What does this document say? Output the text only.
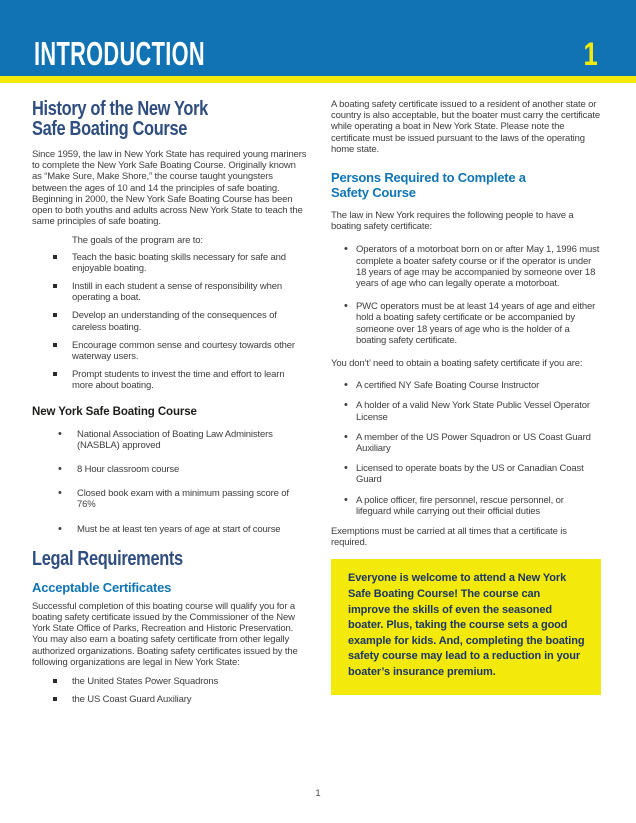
INTRODUCTION	1
History of the New York
Safe Boating Course

Since 1959, the law in New York State has required young mariners to complete the New York Safe Boating Course. Originally known as “Make Sure, Make Shore,” the course taught youngsters between the ages of 10 and 14 the principles of safe boating. Beginning in 2000, the New York Safe Boating Course has been open to both youths and adults across New York State to teach the same principles of safe boating.

The goals of the program are to:

Teach the basic boating skills necessary for safe and enjoyable boating.
Instill in each student a sense of responsibility when operating a boat.
Develop an understanding of the consequences of careless boating.
Encourage common sense and courtesy towards other waterway users.
Prompt students to invest the time and effort to learn more about boating.
New York Safe Boating Course
• National Association of Boating Law Administers (NASBLA) approved
• 8 Hour classroom course
• Closed book exam with a minimum passing score of 76%
• Must be at least ten years of age at start of course
Legal Requirements
Acceptable Certificates

Successful completion of this boating course will qualify you for a boating safety certificate issued by the Commissioner of the New York State Office of Parks, Recreation and Historic Preservation. You may also earn a boating safety certificate from other legally authorized organizations. Boating safety certificates issued by the following organizations are legal in New York State:

the United States Power Squadrons
the US Coast Guard Auxiliary

A boating safety certificate issued to a resident of another state or country is also acceptable, but the boater must carry the certificate while operating a boat in New York State. Please note the certificate must be issued pursuant to the laws of the operating home state.

Persons Required to Complete a
Safety Course

The law in New York requires the following people to have a boating safety certificate:

• Operators of a motorboat born on or after May 1, 1996 must complete a boater safety course or if the operator is under 18 years of age may be accompanied by someone over 18 years of age who can legally operate a motorboat.
• PWC operators must be at least 14 years of age and either hold a boating safety certificate or be accompanied by someone over 18 years of age who is the holder of a boating safety certificate.

You don’t’ need to obtain a boating safety certificate if you are:

• A certified NY Safe Boating Course Instructor
• A holder of a valid New York State Public Vessel Operator License
• A member of the US Power Squadron or US Coast Guard Auxiliary
• Licensed to operate boats by the US or Canadian Coast Guard
• A police officer, fire personnel, rescue personnel, or lifeguard while carrying out their official duties

Exemptions must be carried at all times that a certificate is required.

Everyone is welcome to attend a New York Safe Boating Course! The course can improve the skills of even the seasoned boater. Plus, taking the course sets a good example for kids. And, completing the boating safety course may lead to a reduction in your boater’s insurance premium.

1
